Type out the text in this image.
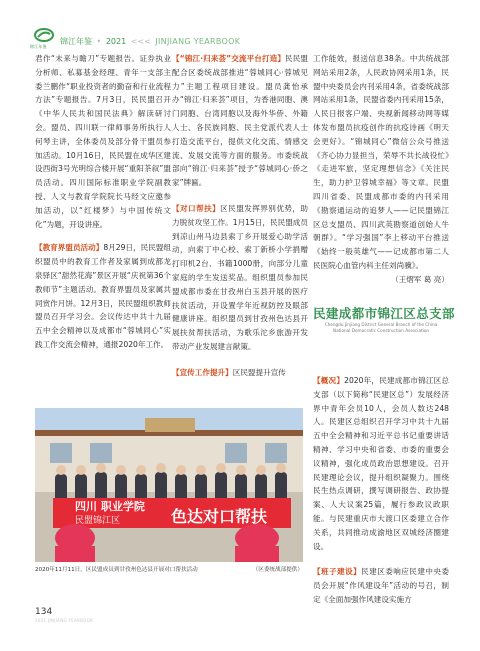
锦江年鉴
锦江年鉴 • 2021 <<< JINJIANG YEARBOOK

君作“未来与瞻刀”专题报告。证券执业分析师、私募基金经理、青年一支部主委兰鹏作“职业投资者的勤奋和行业流程方法”专题报告。7月3日，民民盟召开《中华人民共和国民法典》解读研讨会。盟员、四川联一律师事务所执行人何琴主讲，全体委员及部分骨干盟员参加活动。10月16日，民民盟在成华区建设西街3号光明综合楼开展“重阳茶叙”盟员活动。四川国际标准职业学院副教授、人文与教育学院院长马经文应邀参加活动，以“红楼梦》与中国传统文化”为题，开设讲座。

【教育界盟员活动】8月29日，民民盟组织盟员中的教育工作者及家属到成都龙泉驿区“甜然花海”景区开展“庆祝第36个教师节”主题活动。教育界盟员及家属共同赏作月饼。12月3日，民民盟组织教师盟员召开学习会。会议传达中共十九届五中全会精神以及成都市“蓉城同心”实践工作交流会精神，通报2020年工作。

【“锦江·归来荟”交流平台打造】民民盟配合区委统战部推进“蓉城同心·蓉城见力”主题工程项目建设。盟员龚怡承办“锦江·归来荟”项目，为香港同胞、澳门同胞、台湾同胞以及海外华侨、外籍人士、各民族同胞、民主党派代表人士打造交流平台，提供文化交流、情感交流、发展交流等方面的服务。市委统战部向“锦江·归来荟”授予“蓉城同心·侨之家”牌匾。

【对口帮扶】区民盟发挥界别优势，助力脱贫攻坚工作。1月15日，民民盟成员到凉山州马边县索丁乡开展爱心助学活动，向索丁中心校、索丁新桥小学捐赠打印机2台、书籍1000册，向部分儿童家庭的学生发送奖品。组织盟员参加民盟成都市委在甘孜州白玉县开展的医疗扶贫活动，开设置学年近视防控及眼部健康讲座。组织盟员到甘孜州色达县开展扶贫帮扶活动，为歌乐沱乡旅游开发带动产业发展建言献策。

【宣传工作提升】区民盟提升宣传

工作能效，报送信息38条。中共统战部网站采用2条，人民政协网采用1条，民盟中央委员会内刊采用4条，省委统战部网站采用1条，民盟省委内刊采用15条，人民日报客户端、央视新闻移动网等媒体发布盟员抗疫创作的抗疫诗画《明天会更好》。“锦城同心”微信公众号推送《齐心协力显担当，荣辱不共长战役忙》《走进军旅，坚定理想信念》《关注民生，助力护卫蓉城幸福》等文章。民盟四川省委、民盟成都市委的内刊采用《勘察通运动的追梦人——记民盟锦江区总支盟员、四川武英勘察道创始人牛朝群》。“学习强国”李上移动平台推送《始终一般英雄气——记成都市第二人民医院心血管内科主任刘尚骥》。

（王熠军 葛 亮）

民建成都市锦江区总支部
Chengdu Jinjiang District General Branch of the China
National Democratic Construction Association

【概况】2020年，民建成都市锦江区总支部（以下简称“民建区总”）发展经济界中青年会员10人，会员人数达248人。民建区总组织召开学习中共十九届五中全会精神和习近平总书记重要讲话精神、学习中央和省委、市委的重要会议精神，强化成员政治思想建设。召开民建理论会议，提升组织凝聚力。围绕民生热点调研，撰写调研报告、政协提案、人大议案25篇，履行参政议政职能。与民建重庆市大渡口区委建立合作关系，共同推动成渝地区双城经济圈建设。

【班子建设】民建区委响应民建中央委员会开展“作风建设年”活动的号召，制定《全面加强作风建设实施方

四川 职业学院
民盟锦江区	色达对口帮扶
2020年11月11日，区民盟成员到甘孜州色达县开展对口帮扶活动	（区委统战部提供）
134
2021 JINJIANG YEARBOOK
